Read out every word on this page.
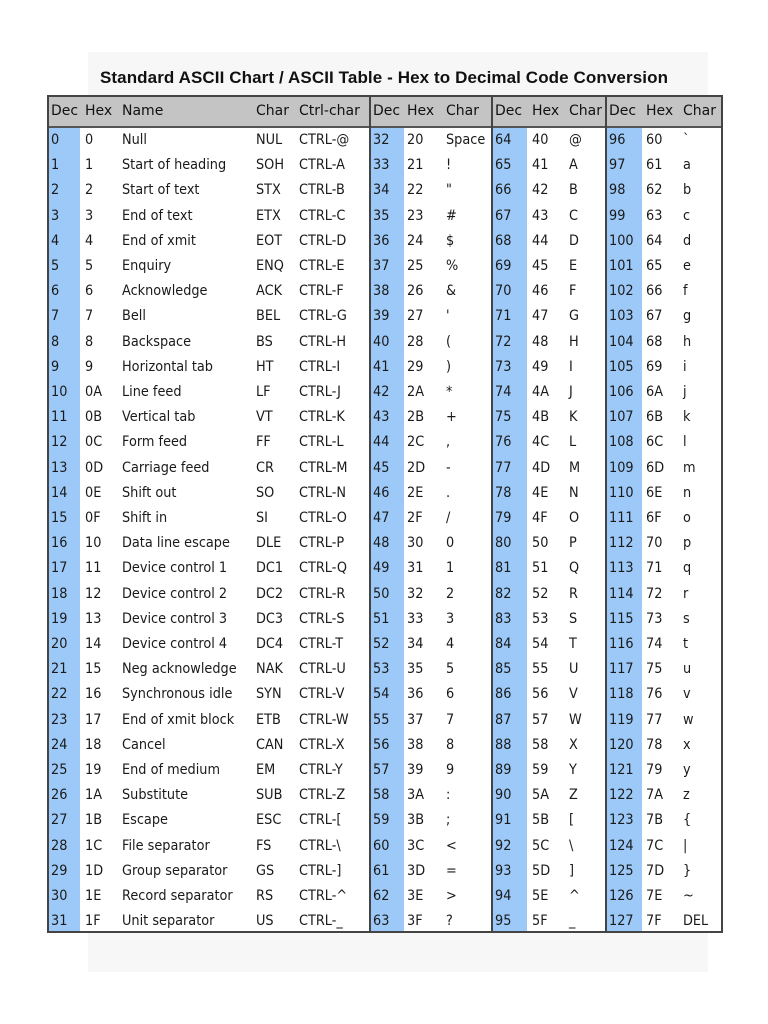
Standard ASCII Chart / ASCII Table - Hex to Decimal Code Conversion
Dec Hex Name	Char Ctrl-char Dec Hex Char Dec Hex Char Dec Hex Char
0 0 Null	NUL CTRL-@ 32 20 Space 64 40 @ 96 60 `
1 1 Start of heading SOH CTRL-A 33 21 !	65 41 A 97 61 a
2 2 Start of text	STX CTRL-B 34 22 "	66 42 B 98 62 b
3 3 End of text	ETX CTRL-C 35 23 #	67 43 C 99 63 c
4 4 End of xmit	EOT CTRL-D 36 24 $	68 44 D 100 64 d
5 5 Enquiry	ENQ CTRL-E 37 25 %	69 45 E 101 65 e
6 6 Acknowledge	ACK CTRL-F 38 26 &	70 46 F 102 66 f
7 7 Bell	BEL CTRL-G 39 27 '	71 47 G 103 67 g
8 8 Backspace	BS CTRL-H 40 28 (	72 48 H 104 68 h
9 9 Horizontal tab	HT CTRL-I 41 29 )	73 49 I	105 69 i
10 0A Line feed	LF CTRL-J 42 2A *	74 4A J	106 6A j
11 0B Vertical tab	VT CTRL-K 43 2B +	75 4B K 107 6B k
12 0C Form feed	FF CTRL-L 44 2C ,	76 4C L 108 6C l
13 0D Carriage feed	CR CTRL-M 45 2D -	77 4D M 109 6D m
14 0E Shift out	SO CTRL-N 46 2E .	78 4E N 110 6E n
15 0F Shift in	SI CTRL-O 47 2F /	79 4F O 111 6F o
16 10 Data line escape DLE CTRL-P 48 30 0	80 50 P 112 70 p
17 11 Device control 1 DC1 CTRL-Q 49 31 1	81 51 Q 113 71 q
18 12 Device control 2 DC2 CTRL-R 50 32 2	82 52 R 114 72 r
19 13 Device control 3 DC3 CTRL-S 51 33 3	83 53 S 115 73 s
20 14 Device control 4 DC4 CTRL-T 52 34 4	84 54 T 116 74 t
21 15 Neg acknowledge NAK CTRL-U 53 35 5	85 55 U 117 75 u
22 16 Synchronous idle SYN CTRL-V 54 36 6	86 56 V 118 76 v
23 17 End of xmit block ETB CTRL-W 55 37 7	87 57 W 119 77 w
24 18 Cancel	CAN CTRL-X 56 38 8	88 58 X 120 78 x
25 19 End of medium	EM CTRL-Y 57 39 9	89 59 Y 121 79 y
26 1A Substitute	SUB CTRL-Z 58 3A :	90 5A Z 122 7A z
27 1B Escape	ESC CTRL-[ 59 3B ;	91 5B [ 123 7B {
28 1C File separator	FS CTRL-\ 60 3C <	92 5C \	124 7C |
29 1D Group separator GS CTRL-] 61 3D =	93 5D ] 125 7D }
30 1E Record separator RS CTRL-^ 62 3E >	94 5E ^ 126 7E ~
31 1F Unit separator	US CTRL-_ 63 3F ?	95 5F _ 127 7F DEL
